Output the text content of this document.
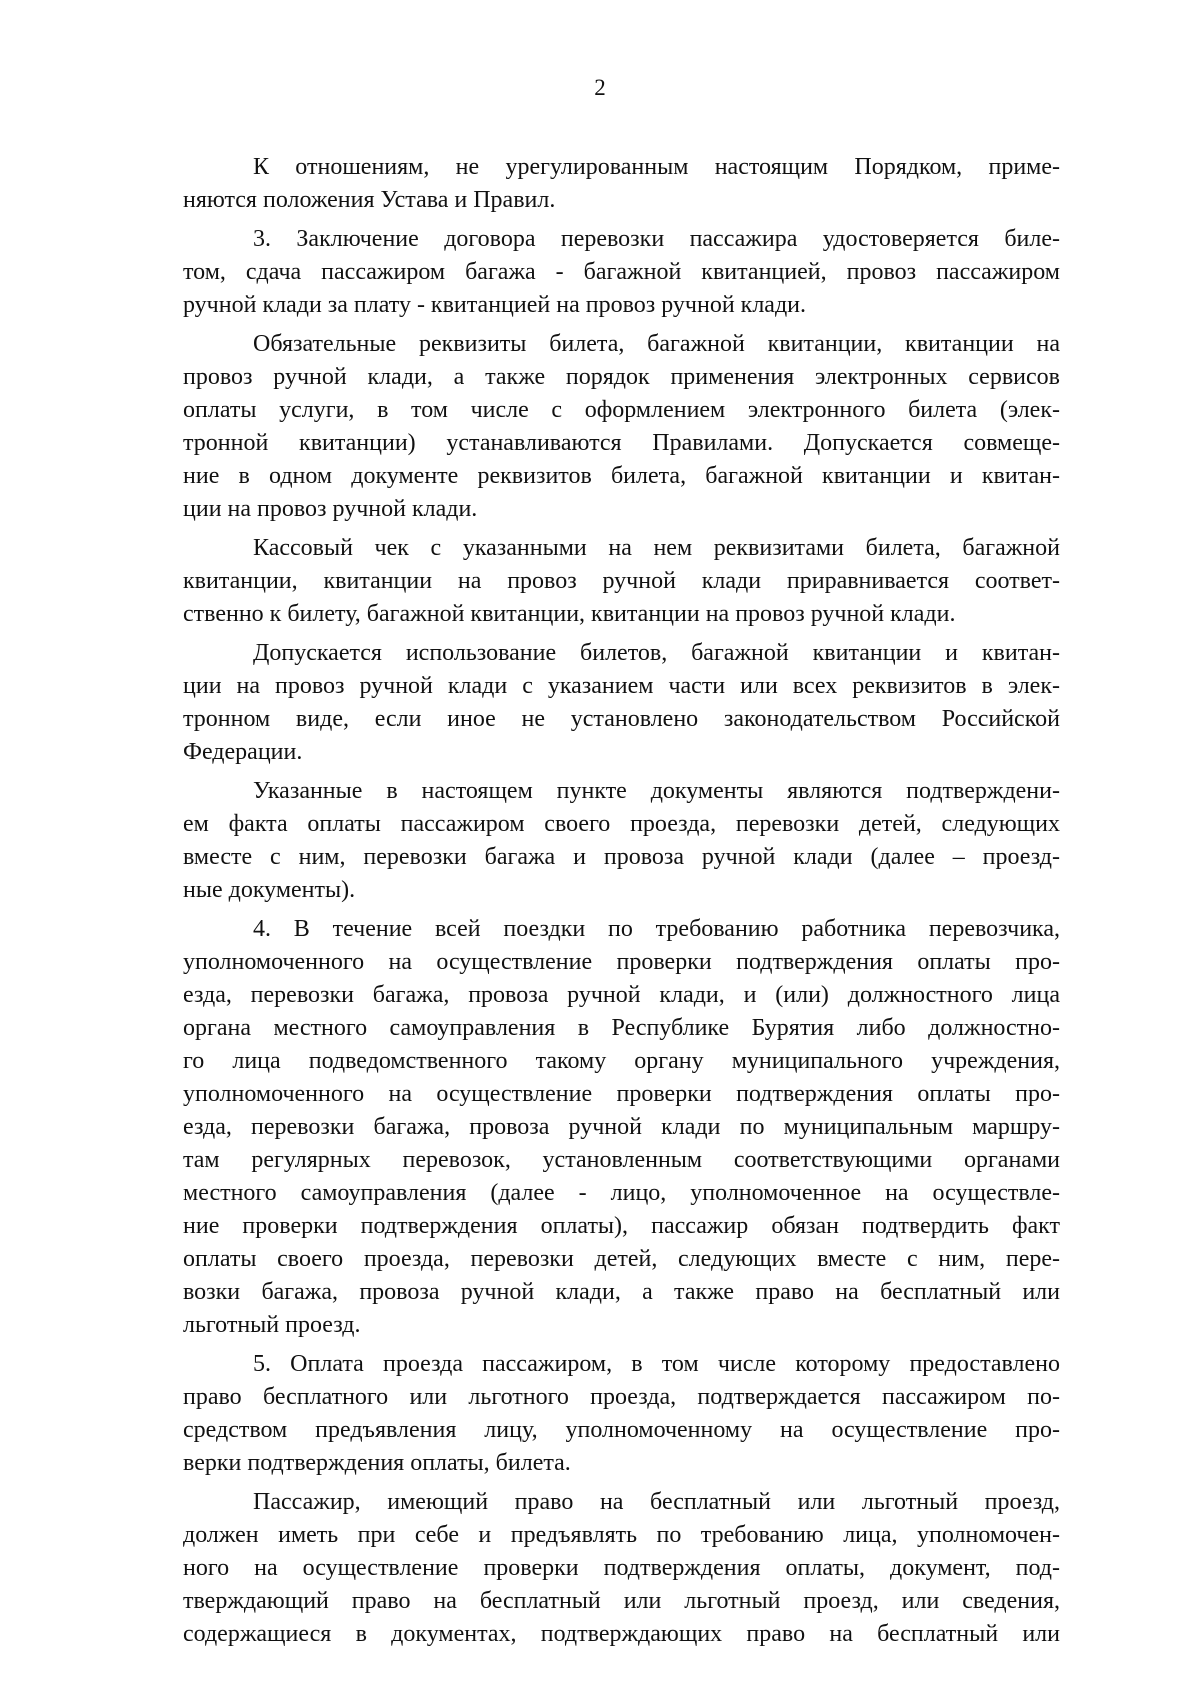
2

К отношениям, не урегулированным настоящим Порядком, приме-
няются положения Устава и Правил.

3. Заключение договора перевозки пассажира удостоверяется биле-
том, сдача пассажиром багажа - багажной квитанцией, провоз пассажиром
ручной клади за плату - квитанцией на провоз ручной клади.

Обязательные реквизиты билета, багажной квитанции, квитанции на
провоз ручной клади, а также порядок применения электронных сервисов
оплаты услуги, в том числе с оформлением электронного билета (элек-
тронной квитанции) устанавливаются Правилами. Допускается совмеще-
ние в одном документе реквизитов билета, багажной квитанции и квитан-
ции на провоз ручной клади.

Кассовый чек с указанными на нем реквизитами билета, багажной
квитанции, квитанции на провоз ручной клади приравнивается соответ-
ственно к билету, багажной квитанции, квитанции на провоз ручной клади.

Допускается использование билетов, багажной квитанции и квитан-
ции на провоз ручной клади с указанием части или всех реквизитов в элек-
тронном виде, если иное не установлено законодательством Российской
Федерации.

Указанные в настоящем пункте документы являются подтверждени-
ем факта оплаты пассажиром своего проезда, перевозки детей, следующих
вместе с ним, перевозки багажа и провоза ручной клади (далее – проезд-
ные документы).

4. В течение всей поездки по требованию работника перевозчика,
уполномоченного на осуществление проверки подтверждения оплаты про-
езда, перевозки багажа, провоза ручной клади, и (или) должностного лица
органа местного самоуправления в Республике Бурятия либо должностно-
го лица подведомственного такому органу муниципального учреждения,
уполномоченного на осуществление проверки подтверждения оплаты про-
езда, перевозки багажа, провоза ручной клади по муниципальным маршру-
там регулярных перевозок, установленным соответствующими органами
местного самоуправления (далее - лицо, уполномоченное на осуществле-
ние проверки подтверждения оплаты), пассажир обязан подтвердить факт
оплаты своего проезда, перевозки детей, следующих вместе с ним, пере-
возки багажа, провоза ручной клади, а также право на бесплатный или
льготный проезд.

5. Оплата проезда пассажиром, в том числе которому предоставлено
право бесплатного или льготного проезда, подтверждается пассажиром по-
средством предъявления лицу, уполномоченному на осуществление про-
верки подтверждения оплаты, билета.

Пассажир, имеющий право на бесплатный или льготный проезд,
должен иметь при себе и предъявлять по требованию лица, уполномочен-
ного на осуществление проверки подтверждения оплаты, документ, под-
тверждающий право на бесплатный или льготный проезд, или сведения,
содержащиеся в документах, подтверждающих право на бесплатный или
